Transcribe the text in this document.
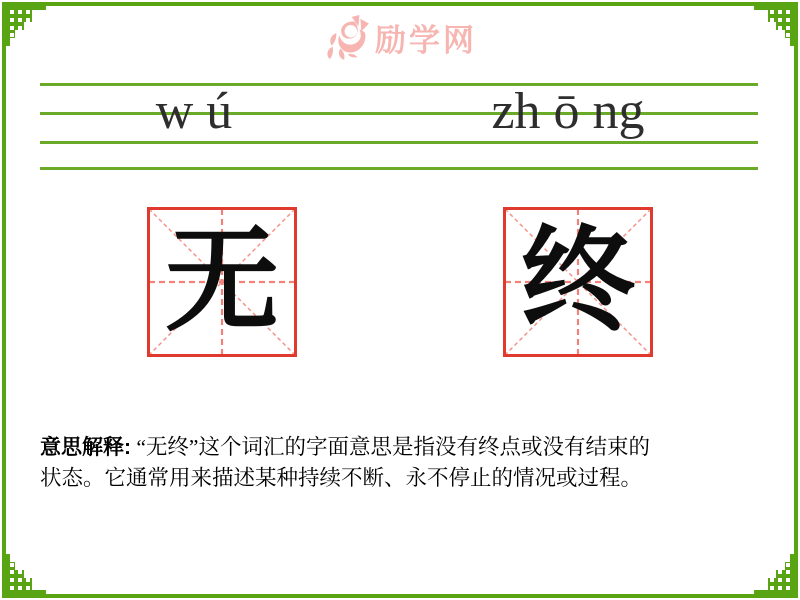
励学网
w ú	zh ō ng
无 终

意思解释: “无终”这个词汇的字面意思是指没有终点或没有结束的
状态。它通常用来描述某种持续不断、永不停止的情况或过程。
